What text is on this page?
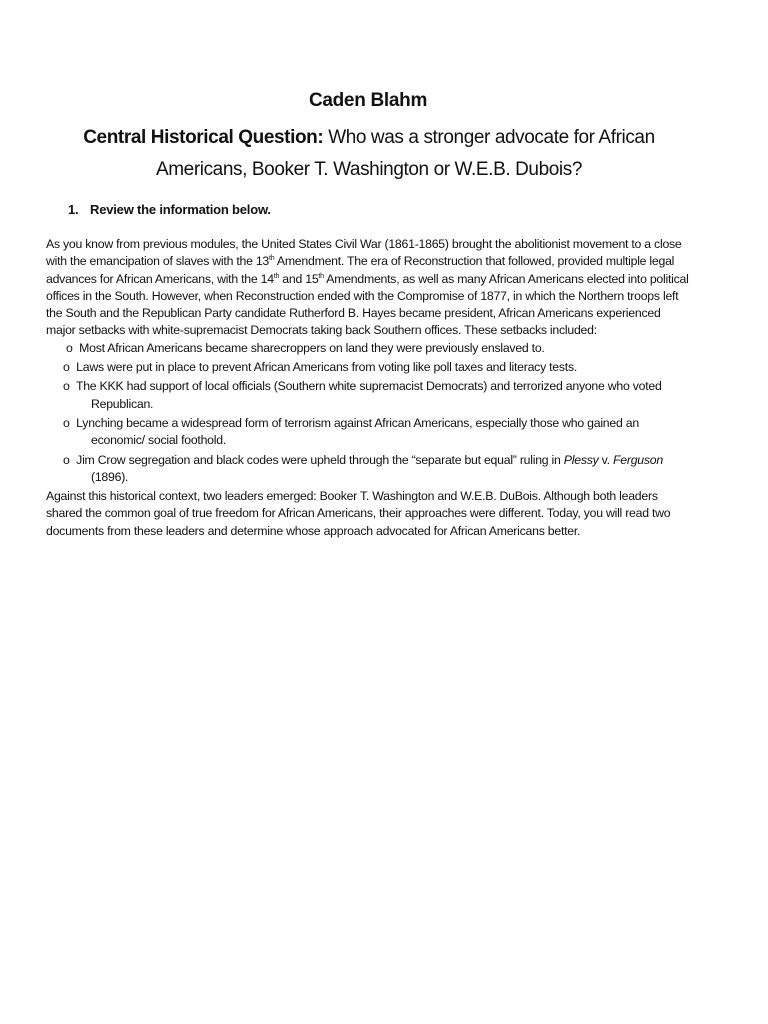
Caden Blahm
Central Historical Question: Who was a stronger advocate for African Americans, Booker T. Washington or W.E.B. Dubois?
1. Review the information below.

As you know from previous modules, the United States Civil War (1861-1865) brought the abolitionist movement to a close with the emancipation of slaves with the 13th Amendment. The era of Reconstruction that followed, provided multiple legal advances for African Americans, with the 14th and 15th Amendments, as well as many African Americans elected into political offices in the South. However, when Reconstruction ended with the Compromise of 1877, in which the Northern troops left the South and the Republican Party candidate Rutherford B. Hayes became president, African Americans experienced major setbacks with white-supremacist Democrats taking back Southern offices. These setbacks included:

o Most African Americans became sharecroppers on land they were previously enslaved to.
o Laws were put in place to prevent African Americans from voting like poll taxes and literacy tests.
o The KKK had support of local officials (Southern white supremacist Democrats) and terrorized anyone who voted Republican.
o Lynching became a widespread form of terrorism against African Americans, especially those who gained an economic/ social foothold.
o Jim Crow segregation and black codes were upheld through the “separate but equal” ruling in Plessy v. Ferguson (1896).

Against this historical context, two leaders emerged: Booker T. Washington and W.E.B. DuBois. Although both leaders shared the common goal of true freedom for African Americans, their approaches were different. Today, you will read two documents from these leaders and determine whose approach advocated for African Americans better.
